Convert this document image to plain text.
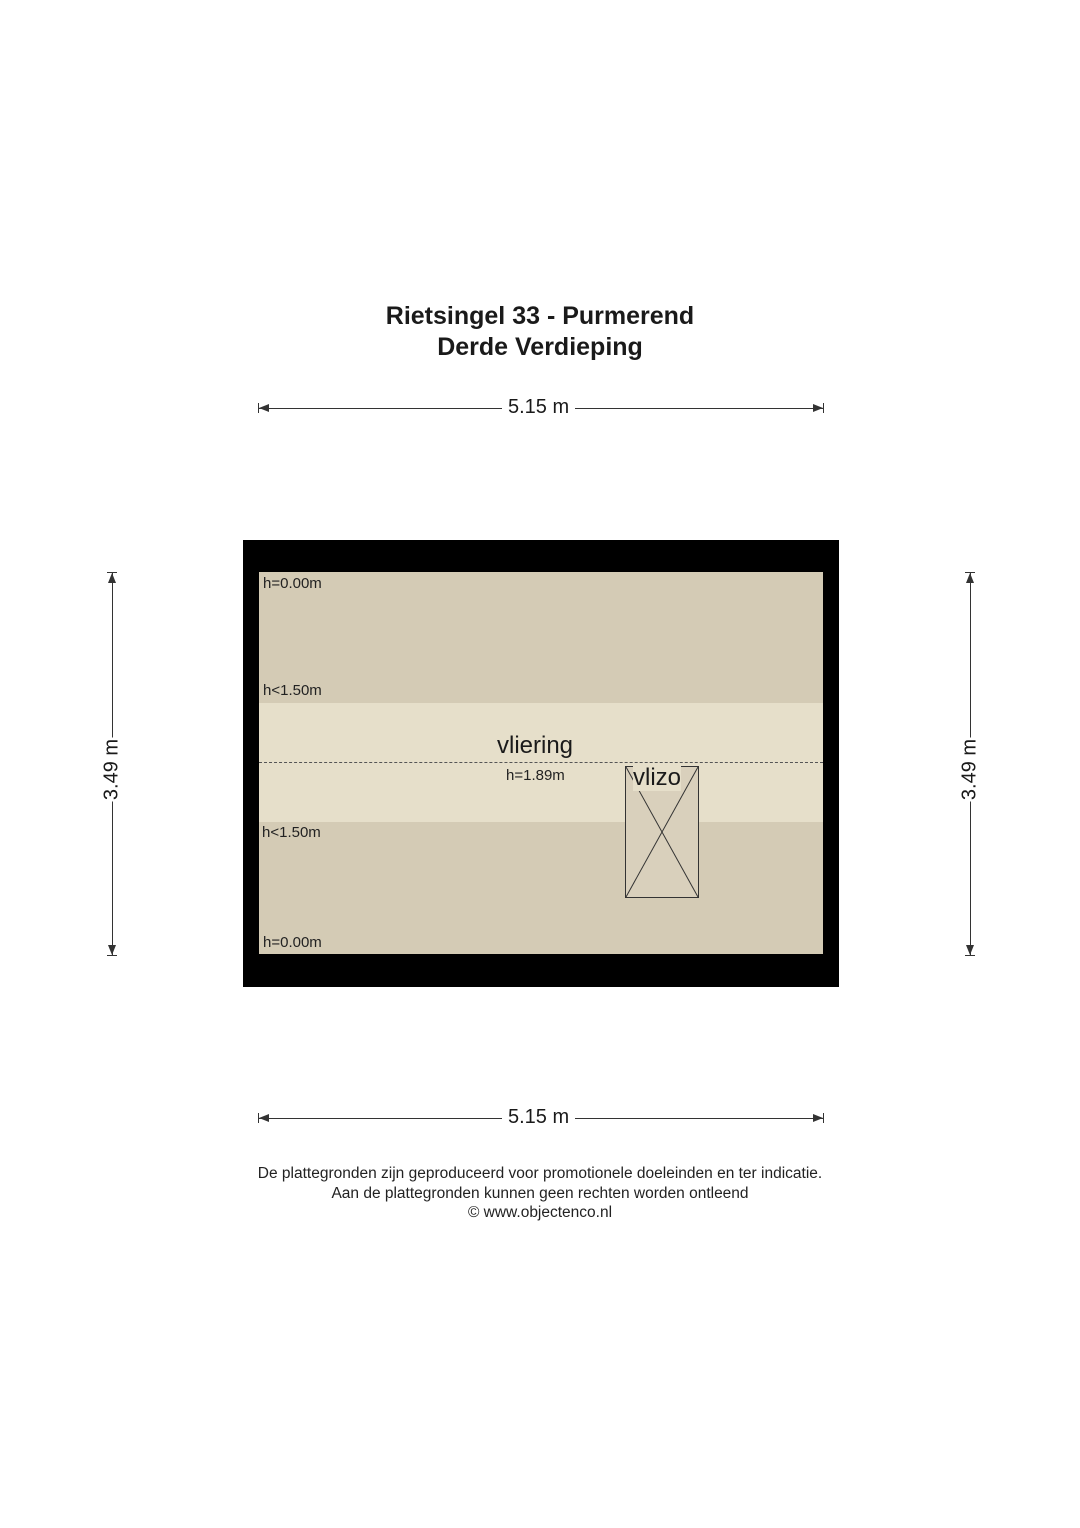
Rietsingel 33 - Purmerend
Derde Verdieping
5.15 m
5.15 m
3.49 m	3.49 m
vlizo
h=0.00m
h<1.50m
vliering
h=1.89m
h<1.50m
h=0.00m
De plattegronden zijn geproduceerd voor promotionele doeleinden en ter indicatie.
Aan de plattegronden kunnen geen rechten worden ontleend
© www.objectenco.nl
